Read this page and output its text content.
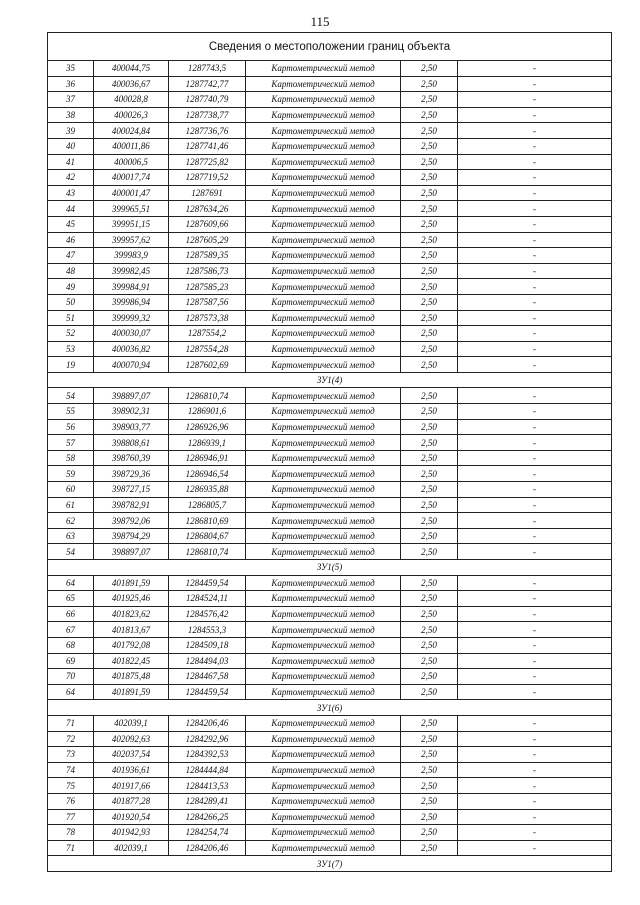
115
Сведения о местоположении границ объекта					
35	400044,75	1287743,5	Картометрический метод	2,50	-
36	400036,67	1287742,77	Картометрический метод	2,50	-
37	400028,8	1287740,79	Картометрический метод	2,50	-
38	400026,3	1287738,77	Картометрический метод	2,50	-
39	400024,84	1287736,76	Картометрический метод	2,50	-
40	400011,86	1287741,46	Картометрический метод	2,50	-
41	400006,5	1287725,82	Картометрический метод	2,50	-
42	400017,74	1287719,52	Картометрический метод	2,50	-
43	400001,47	1287691	Картометрический метод	2,50	-
44	399965,51	1287634,26	Картометрический метод	2,50	-
45	399951,15	1287609,66	Картометрический метод	2,50	-
46	399957,62	1287605,29	Картометрический метод	2,50	-
47	399983,9	1287589,35	Картометрический метод	2,50	-
48	399982,45	1287586,73	Картометрический метод	2,50	-
49	399984,91	1287585,23	Картометрический метод	2,50	-
50	399986,94	1287587,56	Картометрический метод	2,50	-
51	399999,32	1287573,38	Картометрический метод	2,50	-
52	400030,07	1287554,2	Картометрический метод	2,50	-
53	400036,82	1287554,28	Картометрический метод	2,50	-
19	400070,94	1287602,69	Картометрический метод	2,50	-
ЗУ1(4)					
54	398897,07	1286810,74	Картометрический метод	2,50	-
55	398902,31	1286901,6	Картометрический метод	2,50	-
56	398903,77	1286926,96	Картометрический метод	2,50	-
57	398808,61	1286939,1	Картометрический метод	2,50	-
58	398760,39	1286946,91	Картометрический метод	2,50	-
59	398729,36	1286946,54	Картометрический метод	2,50	-
60	398727,15	1286935,88	Картометрический метод	2,50	-
61	398782,91	1286805,7	Картометрический метод	2,50	-
62	398792,06	1286810,69	Картометрический метод	2,50	-
63	398794,29	1286804,67	Картометрический метод	2,50	-
54	398897,07	1286810,74	Картометрический метод	2,50	-
ЗУ1(5)					
64	401891,59	1284459,54	Картометрический метод	2,50	-
65	401925,46	1284524,11	Картометрический метод	2,50	-
66	401823,62	1284576,42	Картометрический метод	2,50	-
67	401813,67	1284553,3	Картометрический метод	2,50	-
68	401792,08	1284509,18	Картометрический метод	2,50	-
69	401822,45	1284494,03	Картометрический метод	2,50	-
70	401875,48	1284467,58	Картометрический метод	2,50	-
64	401891,59	1284459,54	Картометрический метод	2,50	-
ЗУ1(6)					
71	402039,1	1284206,46	Картометрический метод	2,50	-
72	402092,63	1284292,96	Картометрический метод	2,50	-
73	402037,54	1284392,53	Картометрический метод	2,50	-
74	401936,61	1284444,84	Картометрический метод	2,50	-
75	401917,66	1284413,53	Картометрический метод	2,50	-
76	401877,28	1284289,41	Картометрический метод	2,50	-
77	401920,54	1284266,25	Картометрический метод	2,50	-
78	401942,93	1284254,74	Картометрический метод	2,50	-
71	402039,1	1284206,46	Картометрический метод	2,50	-
ЗУ1(7)					
